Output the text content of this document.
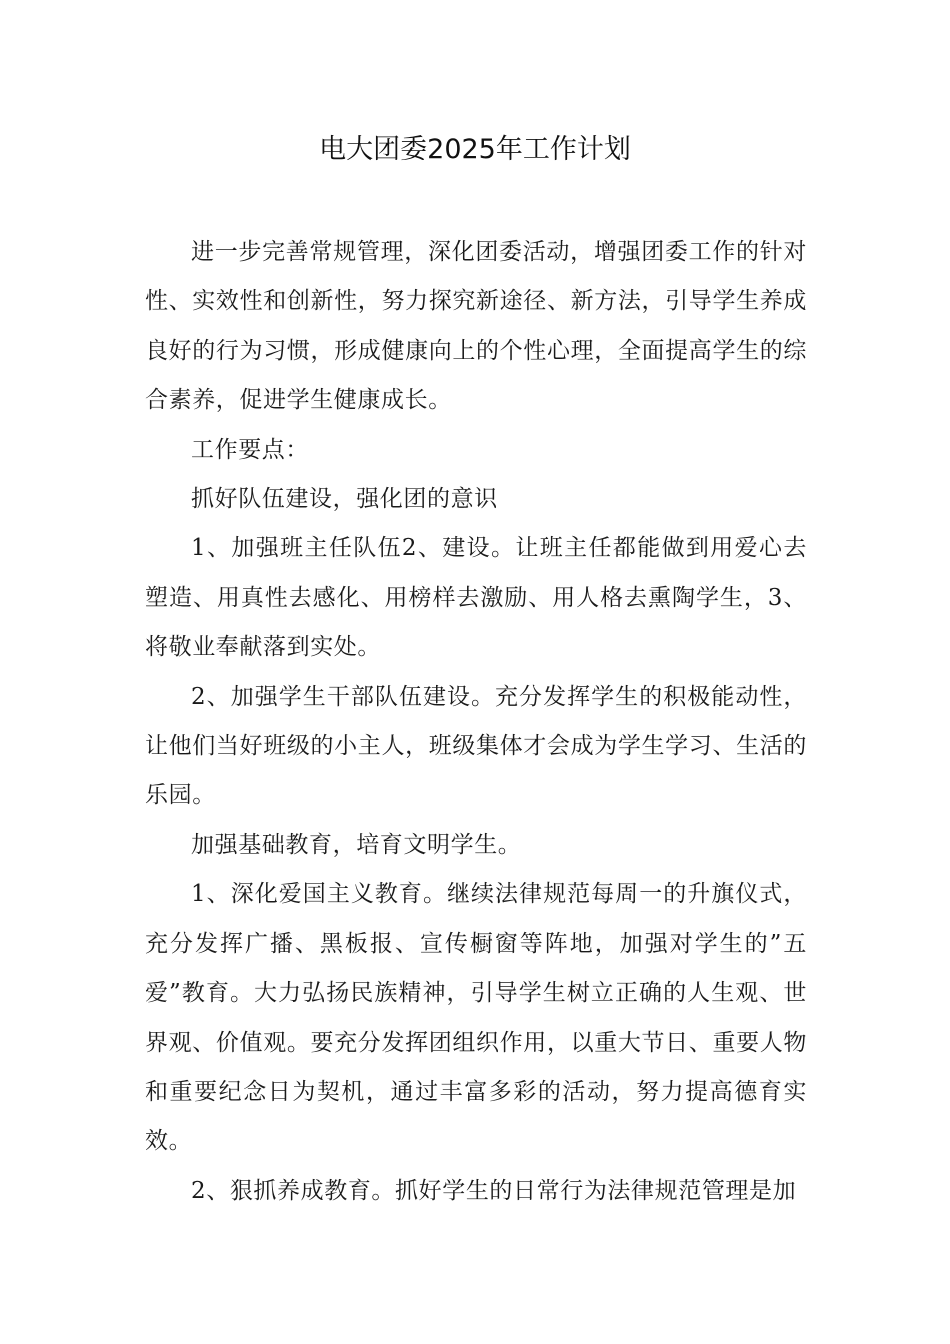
电大团委2025年工作计划

进一步完善常规管理，深化团委活动，增强团委工作的针对性、实效性和创新性，努力探究新途径、新方法，引导学生养成良好的行为习惯，形成健康向上的个性心理，全面提高学生的综合素养，促进学生健康成长。

工作要点：

抓好队伍建设，强化团的意识

1、加强班主任队伍2、建设。让班主任都能做到用爱心去塑造、用真性去感化、用榜样去激励、用人格去熏陶学生，3、将敬业奉献落到实处。

2、加强学生干部队伍建设。充分发挥学生的积极能动性，让他们当好班级的小主人，班级集体才会成为学生学习、生活的乐园。

加强基础教育，培育文明学生。

1、深化爱国主义教育。继续法律规范每周一的升旗仪式，充分发挥广播、黑板报、宣传橱窗等阵地，加强对学生的”五爱”教育。大力弘扬民族精神，引导学生树立正确的人生观、世界观、价值观。要充分发挥团组织作用，以重大节日、重要人物和重要纪念日为契机，通过丰富多彩的活动，努力提高德育实效。

2、狠抓养成教育。抓好学生的日常行为法律规范管理是加
